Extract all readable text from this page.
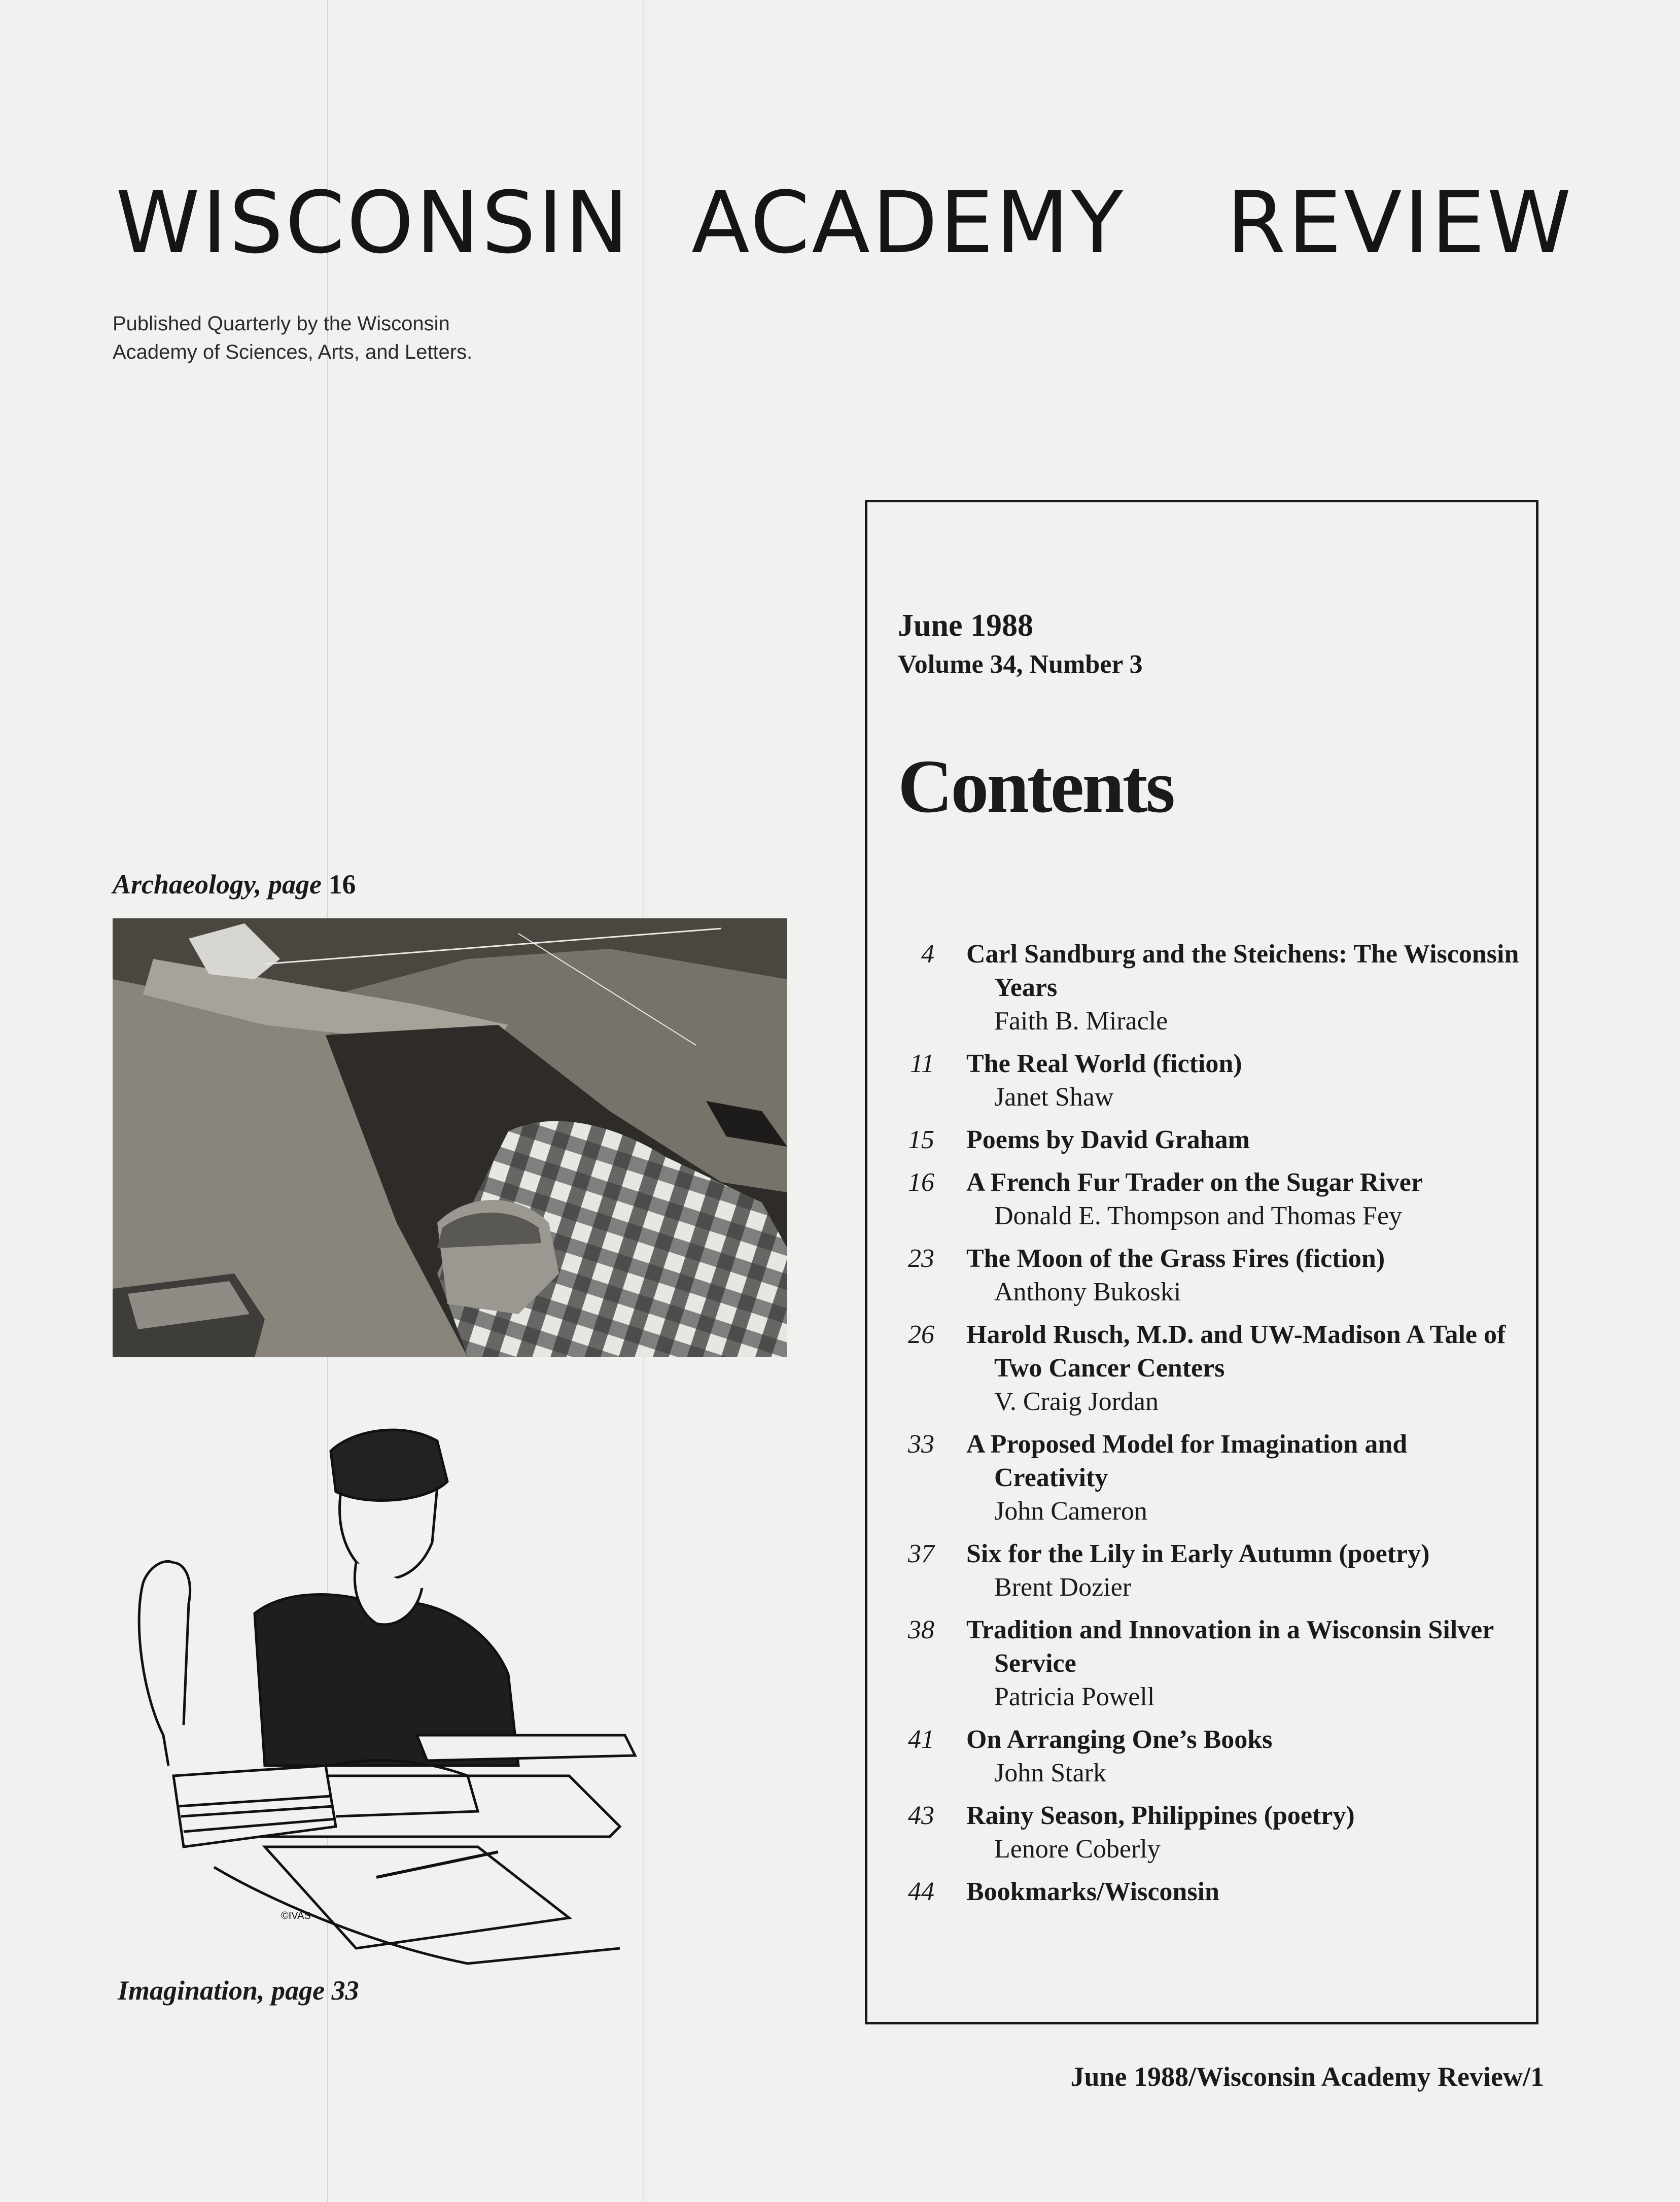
WISCONSIN ACADEMY REVIEW
Published Quarterly by the Wisconsin
Academy of Sciences, Arts, and Letters.
Archaeology, page 16
©IVAS
Imagination, page 33
June 1988
Volume 34, Number 3
Contents
4 Carl Sandburg and the Steichens: The Wisconsin Years
Faith B. Miracle
11 The Real World (fiction)
Janet Shaw
15 Poems by David Graham
16 A French Fur Trader on the Sugar River
Donald E. Thompson and Thomas Fey
23 The Moon of the Grass Fires (fiction)
Anthony Bukoski
26 Harold Rusch, M.D. and UW-Madison A Tale of Two Cancer Centers
V. Craig Jordan
33 A Proposed Model for Imagination and Creativity
John Cameron
37 Six for the Lily in Early Autumn (poetry)
Brent Dozier
38 Tradition and Innovation in a Wisconsin Silver Service
Patricia Powell
41 On Arranging One’s Books
John Stark
43 Rainy Season, Philippines (poetry)
Lenore Coberly
44 Bookmarks/Wisconsin
June 1988/Wisconsin Academy Review/1
